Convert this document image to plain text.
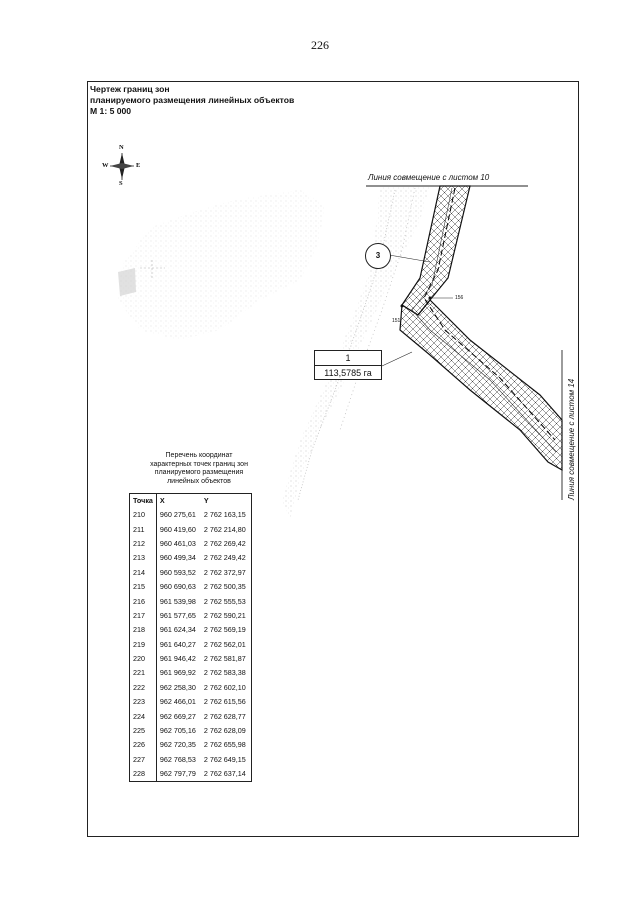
226
Чертеж границ зон
планируемого размещения линейных объектов
М 1: 5 000
N
S
W	E
Линия совмещение с листом 10
Линия совмещение с листом 14
3
156
151
1
113,5785 га
Перечень координат
характерных точек границ зон
планируемого размещения
линейных объектов
Точка	X	Y
210	960 275,61	2 762 163,15
211	960 419,60	2 762 214,80
212	960 461,03	2 762 269,42
213	960 499,34	2 762 249,42
214	960 593,52	2 762 372,97
215	960 690,63	2 762 500,35
216	961 539,98	2 762 555,53
217	961 577,65	2 762 590,21
218	961 624,34	2 762 569,19
219	961 640,27	2 762 562,01
220	961 946,42	2 762 581,87
221	961 969,92	2 762 583,38
222	962 258,30	2 762 602,10
223	962 466,01	2 762 615,56
224	962 669,27	2 762 628,77
225	962 705,16	2 762 628,09
226	962 720,35	2 762 655,98
227	962 768,53	2 762 649,15
228	962 797,79	2 762 637,14
